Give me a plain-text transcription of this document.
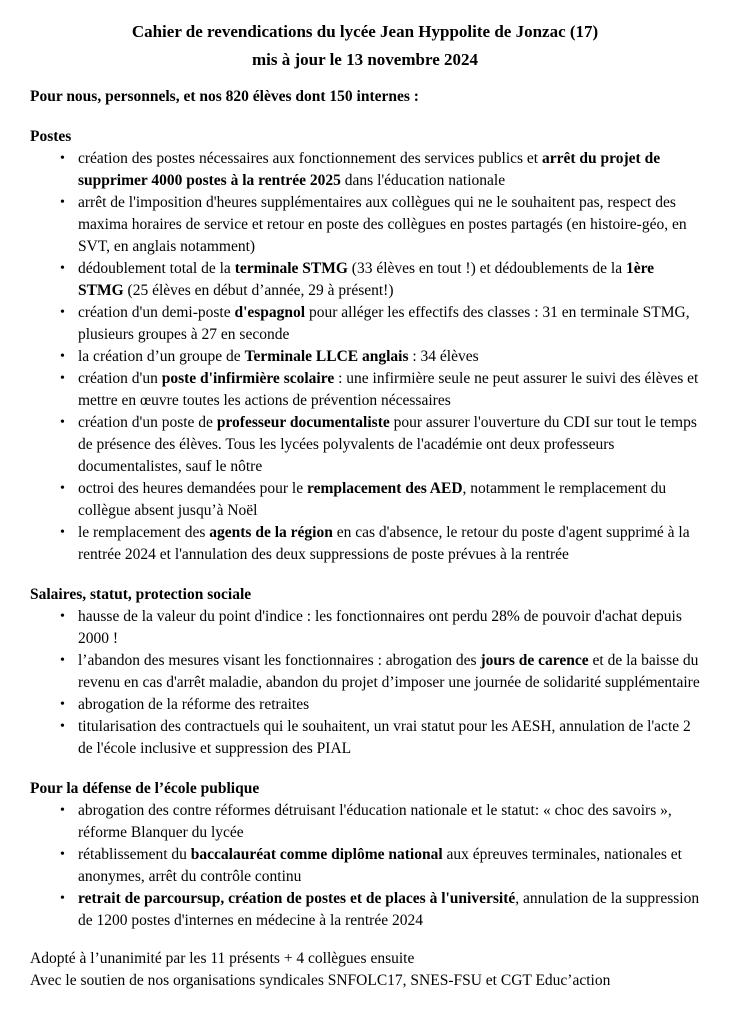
Cahier de revendications du lycée Jean Hyppolite de Jonzac (17)
mis à jour le 13 novembre 2024

Pour nous, personnels, et nos 820 élèves dont 150 internes :

Postes
• création des postes nécessaires aux fonctionnement des services publics et arrêt du projet de supprimer 4000 postes à la rentrée 2025 dans l'éducation nationale
• arrêt de l'imposition d'heures supplémentaires aux collègues qui ne le souhaitent pas, respect des maxima horaires de service et retour en poste des collègues en postes partagés (en histoire-géo, en SVT, en anglais notamment)
• dédoublement total de la terminale STMG (33 élèves en tout !) et dédoublements de la 1ère STMG (25 élèves en début d’année, 29 à présent!)
• création d'un demi-poste d'espagnol pour alléger les effectifs des classes : 31 en terminale STMG, plusieurs groupes à 27 en seconde
• la création d’un groupe de Terminale LLCE anglais : 34 élèves
• création d'un poste d'infirmière scolaire : une infirmière seule ne peut assurer le suivi des élèves et mettre en œuvre toutes les actions de prévention nécessaires
• création d'un poste de professeur documentaliste pour assurer l'ouverture du CDI sur tout le temps de présence des élèves. Tous les lycées polyvalents de l'académie ont deux professeurs documentalistes, sauf le nôtre
• octroi des heures demandées pour le remplacement des AED, notamment le remplacement du collègue absent jusqu’à Noël
• le remplacement des agents de la région en cas d'absence, le retour du poste d'agent supprimé à la rentrée 2024 et l'annulation des deux suppressions de poste prévues à la rentrée
Salaires, statut, protection sociale
• hausse de la valeur du point d'indice : les fonctionnaires ont perdu 28% de pouvoir d'achat depuis 2000 !
• l’abandon des mesures visant les fonctionnaires : abrogation des jours de carence et de la baisse du revenu en cas d'arrêt maladie, abandon du projet d’imposer une journée de solidarité supplémentaire
• abrogation de la réforme des retraites
• titularisation des contractuels qui le souhaitent, un vrai statut pour les AESH, annulation de l'acte 2 de l'école inclusive et suppression des PIAL
Pour la défense de l’école publique
• abrogation des contre réformes détruisant l'éducation nationale et le statut: « choc des savoirs », réforme Blanquer du lycée
• rétablissement du baccalauréat comme diplôme national aux épreuves terminales, nationales et anonymes, arrêt du contrôle continu
• retrait de parcoursup, création de postes et de places à l'université, annulation de la suppression de 1200 postes d'internes en médecine à la rentrée 2024

Adopté à l’unanimité par les 11 présents + 4 collègues ensuite

Avec le soutien de nos organisations syndicales SNFOLC17, SNES-FSU et CGT Educ’action
